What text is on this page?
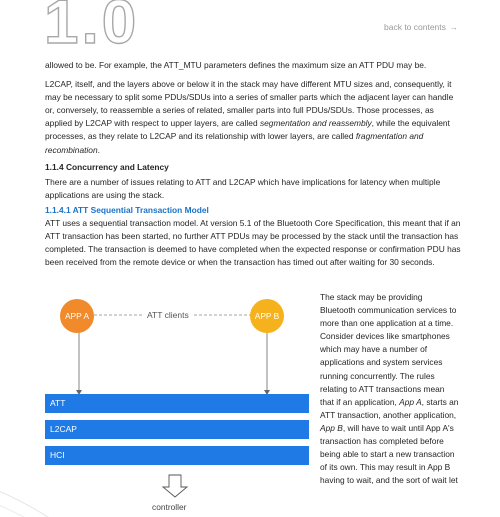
1.0	back to contents →

allowed to be. For example, the ATT_MTU parameters defines the maximum size an ATT PDU may be.

L2CAP, itself, and the layers above or below it in the stack may have different MTU sizes and, consequently, it may be necessary to split some PDUs/SDUs into a series of smaller parts which the adjacent layer can handle or, conversely, to reassemble a series of related, smaller parts into full PDUs/SDUs. Those processes, as applied by L2CAP with respect to upper layers, are called segmentation and reassembly, while the equivalent processes, as they relate to L2CAP and its relationship with lower layers, are called fragmentation and recombination.

1.1.4 Concurrency and Latency

There are a number of issues relating to ATT and L2CAP which have implications for latency when multiple applications are using the stack.

1.1.4.1 ATT Sequential Transaction Model

ATT uses a sequential transaction model. At version 5.1 of the Bluetooth Core Specification, this meant that if an ATT transaction has been started, no further ATT PDUs may be processed by the stack until the transaction has completed. The transaction is deemed to have completed when the expected response or confirmation PDU has been received from the remote device or when the transaction has timed out after waiting for 30 seconds.

APP A	APP B
ATT clients
ATT
L2CAP
HCI
controller
The stack may be providing Bluetooth communication services to more than one application at a time. Consider devices like smartphones which may have a number of applications and system services running concurrently. The rules relating to ATT transactions mean that if an application, App A, starts an ATT transaction, another application, App B, will have to wait until App A's transaction has completed before being able to start a new transaction of its own. This may result in App B having to wait, and the sort of wait let
